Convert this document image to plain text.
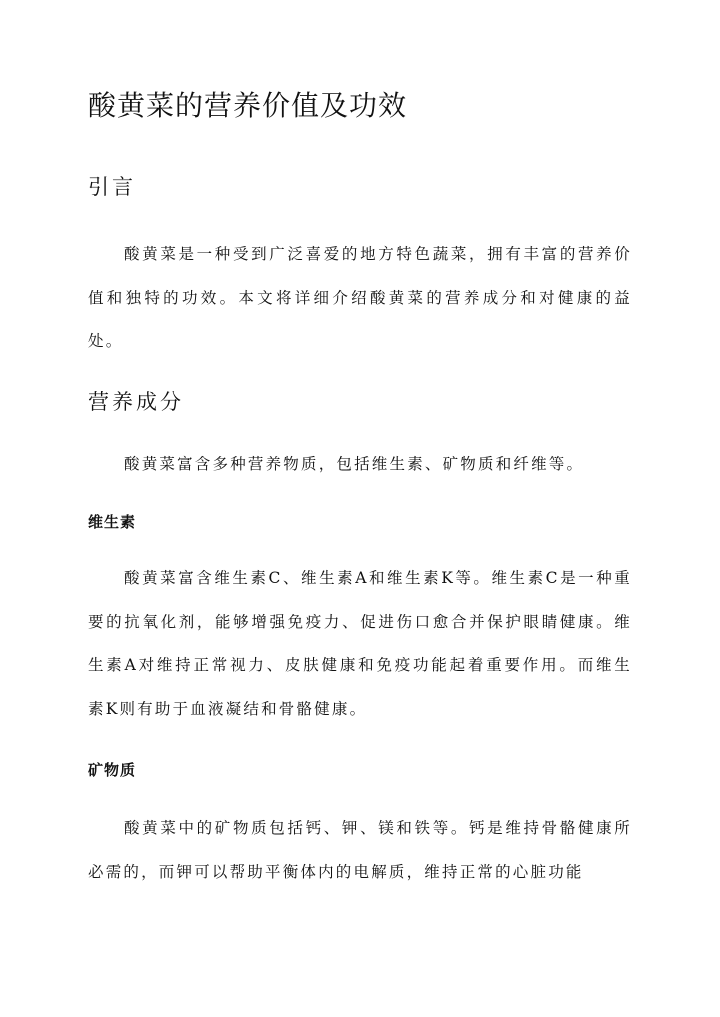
酸黄菜的营养价值及功效
引言

酸黄菜是一种受到广泛喜爱的地方特色蔬菜，拥有丰富的营养价值和独特的功效。本文将详细介绍酸黄菜的营养成分和对健康的益处。

营养成分

酸黄菜富含多种营养物质，包括维生素、矿物质和纤维等。

维生素

酸黄菜富含维生素C、维生素A和维生素K等。维生素C是一种重要的抗氧化剂，能够增强免疫力、促进伤口愈合并保护眼睛健康。维生素A对维持正常视力、皮肤健康和免疫功能起着重要作用。而维生素K则有助于血液凝结和骨骼健康。

矿物质

酸黄菜中的矿物质包括钙、钾、镁和铁等。钙是维持骨骼健康所必需的，而钾可以帮助平衡体内的电解质，维持正常的心脏功能
